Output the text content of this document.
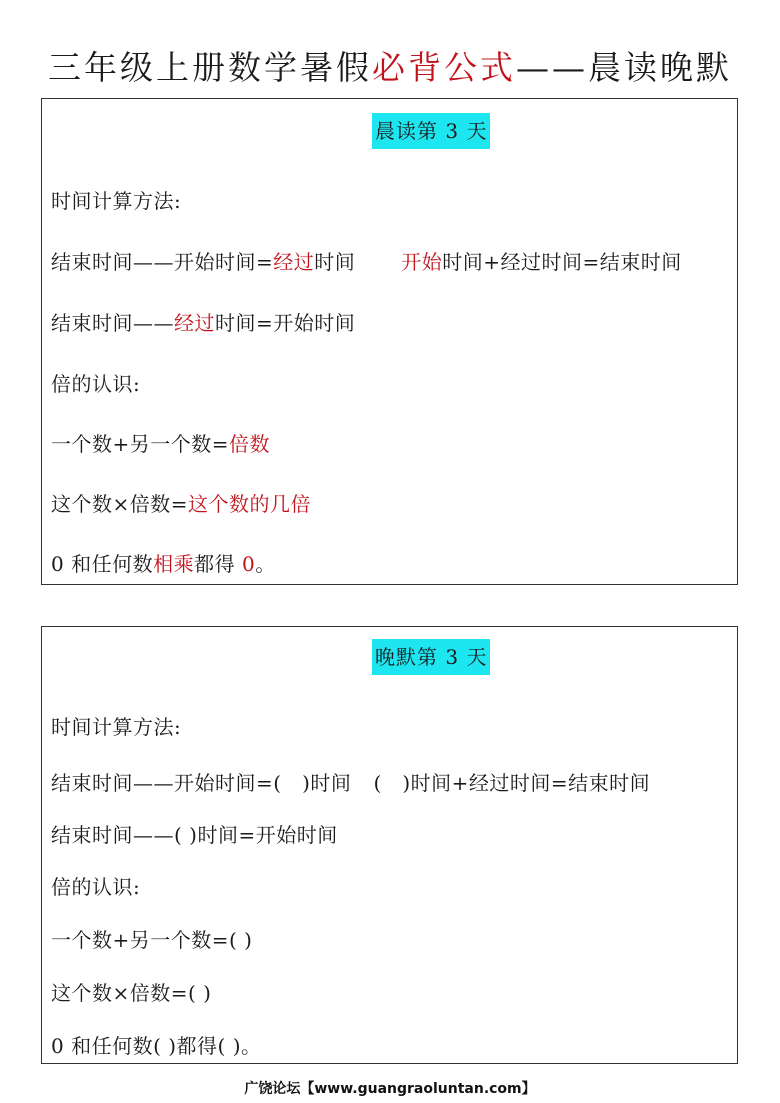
三年级上册数学暑假必背公式——晨读晚默
晨读第 3 天
时间计算方法:
结束时间——开始时间=经过时间 开始时间+经过时间=结束时间
结束时间——经过时间=开始时间
倍的认识:
一个数+另一个数=倍数
这个数×倍数=这个数的几倍
0 和任何数相乘都得 0。
晚默第 3 天
时间计算方法:
结束时间——开始时间=(   )时间 (   )时间+经过时间=结束时间
结束时间——( )时间=开始时间
倍的认识:
一个数+另一个数=( )
这个数×倍数=( )
0 和任何数( )都得( )。
广饶论坛【www.guangraoluntan.com】
